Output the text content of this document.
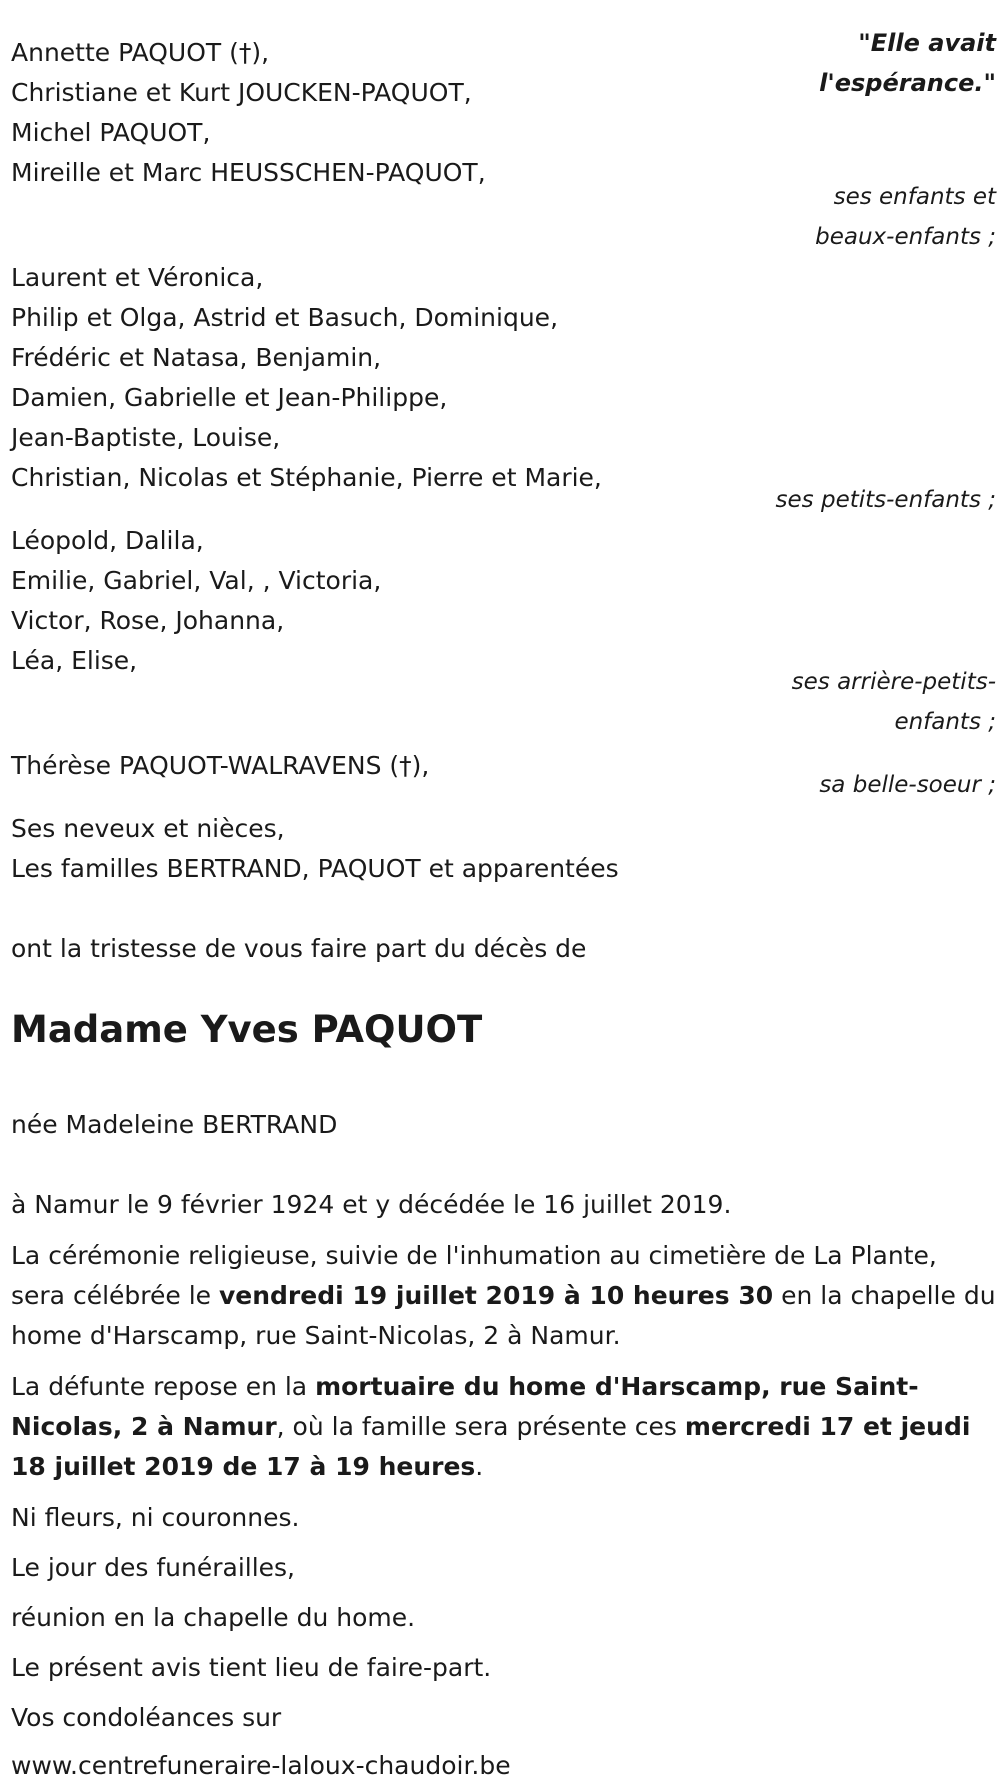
"Elle avait
l'espérance."
ses enfants et
beaux-enfants ;
ses petits-enfants ;
ses arrière-petits-
enfants ;
sa belle-soeur ;
Annette PAQUOT (†),
Christiane et Kurt JOUCKEN-PAQUOT,
Michel PAQUOT,
Mireille et Marc HEUSSCHEN-PAQUOT,
Laurent et Véronica,
Philip et Olga, Astrid et Basuch, Dominique,
Frédéric et Natasa, Benjamin,
Damien, Gabrielle et Jean-Philippe,
Jean-Baptiste, Louise,
Christian, Nicolas et Stéphanie, Pierre et Marie,
Léopold, Dalila,
Emilie, Gabriel, Val, , Victoria,
Victor, Rose, Johanna,
Léa, Elise,
Thérèse PAQUOT-WALRAVENS (†),
Ses neveux et nièces,
Les familles BERTRAND, PAQUOT et apparentées
ont la tristesse de vous faire part du décès de
Madame Yves PAQUOT
née Madeleine BERTRAND
à Namur le 9 février 1924 et y décédée le 16 juillet 2019.
La cérémonie religieuse, suivie de l'inhumation au cimetière de La Plante,
sera célébrée le vendredi 19 juillet 2019 à 10 heures 30 en la chapelle du
home d'Harscamp, rue Saint-Nicolas, 2 à Namur.
La défunte repose en la mortuaire du home d'Harscamp, rue Saint-
Nicolas, 2 à Namur, où la famille sera présente ces mercredi 17 et jeudi
18 juillet 2019 de 17 à 19 heures.
Ni fleurs, ni couronnes.
Le jour des funérailles,
réunion en la chapelle du home.
Le présent avis tient lieu de faire-part.
Vos condoléances sur
www.centrefuneraire-laloux-chaudoir.be
